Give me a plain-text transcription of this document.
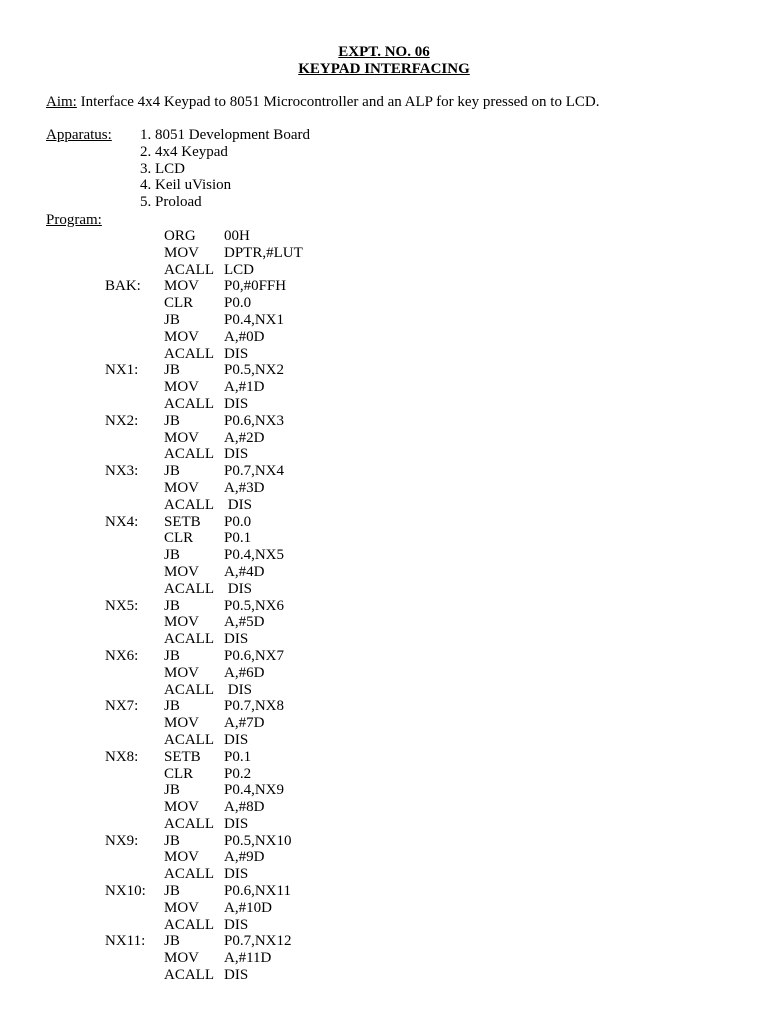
EXPT. NO. 06
KEYPAD INTERFACING
Aim: Interface 4x4 Keypad to 8051 Microcontroller and an ALP for key pressed on to LCD.
Apparatus: 1. 8051 Development Board
2. 4x4 Keypad
3. LCD
4. Keil uVision
5. Proload
Program:
ORG 00H
MOV DPTR,#LUT
ACALL LCD
BAK: MOV P0,#0FFH
CLR P0.0
JB	P0.4,NX1
MOV A,#0D
ACALL DIS
NX1: JB	P0.5,NX2
MOV A,#1D
ACALL DIS
NX2: JB	P0.6,NX3
MOV A,#2D
ACALL DIS
NX3: JB	P0.7,NX4
MOV A,#3D
ACALL DIS
NX4: SETB P0.0
CLR P0.1
JB	P0.4,NX5
MOV A,#4D
ACALL DIS
NX5: JB	P0.5,NX6
MOV A,#5D
ACALL DIS
NX6: JB	P0.6,NX7
MOV A,#6D
ACALL DIS
NX7: JB	P0.7,NX8
MOV A,#7D
ACALL DIS
NX8: SETB P0.1
CLR P0.2
JB	P0.4,NX9
MOV A,#8D
ACALL DIS
NX9: JB	P0.5,NX10
MOV A,#9D
ACALL DIS
NX10: JB	P0.6,NX11
MOV A,#10D
ACALL DIS
NX11: JB	P0.7,NX12
MOV A,#11D
ACALL DIS
